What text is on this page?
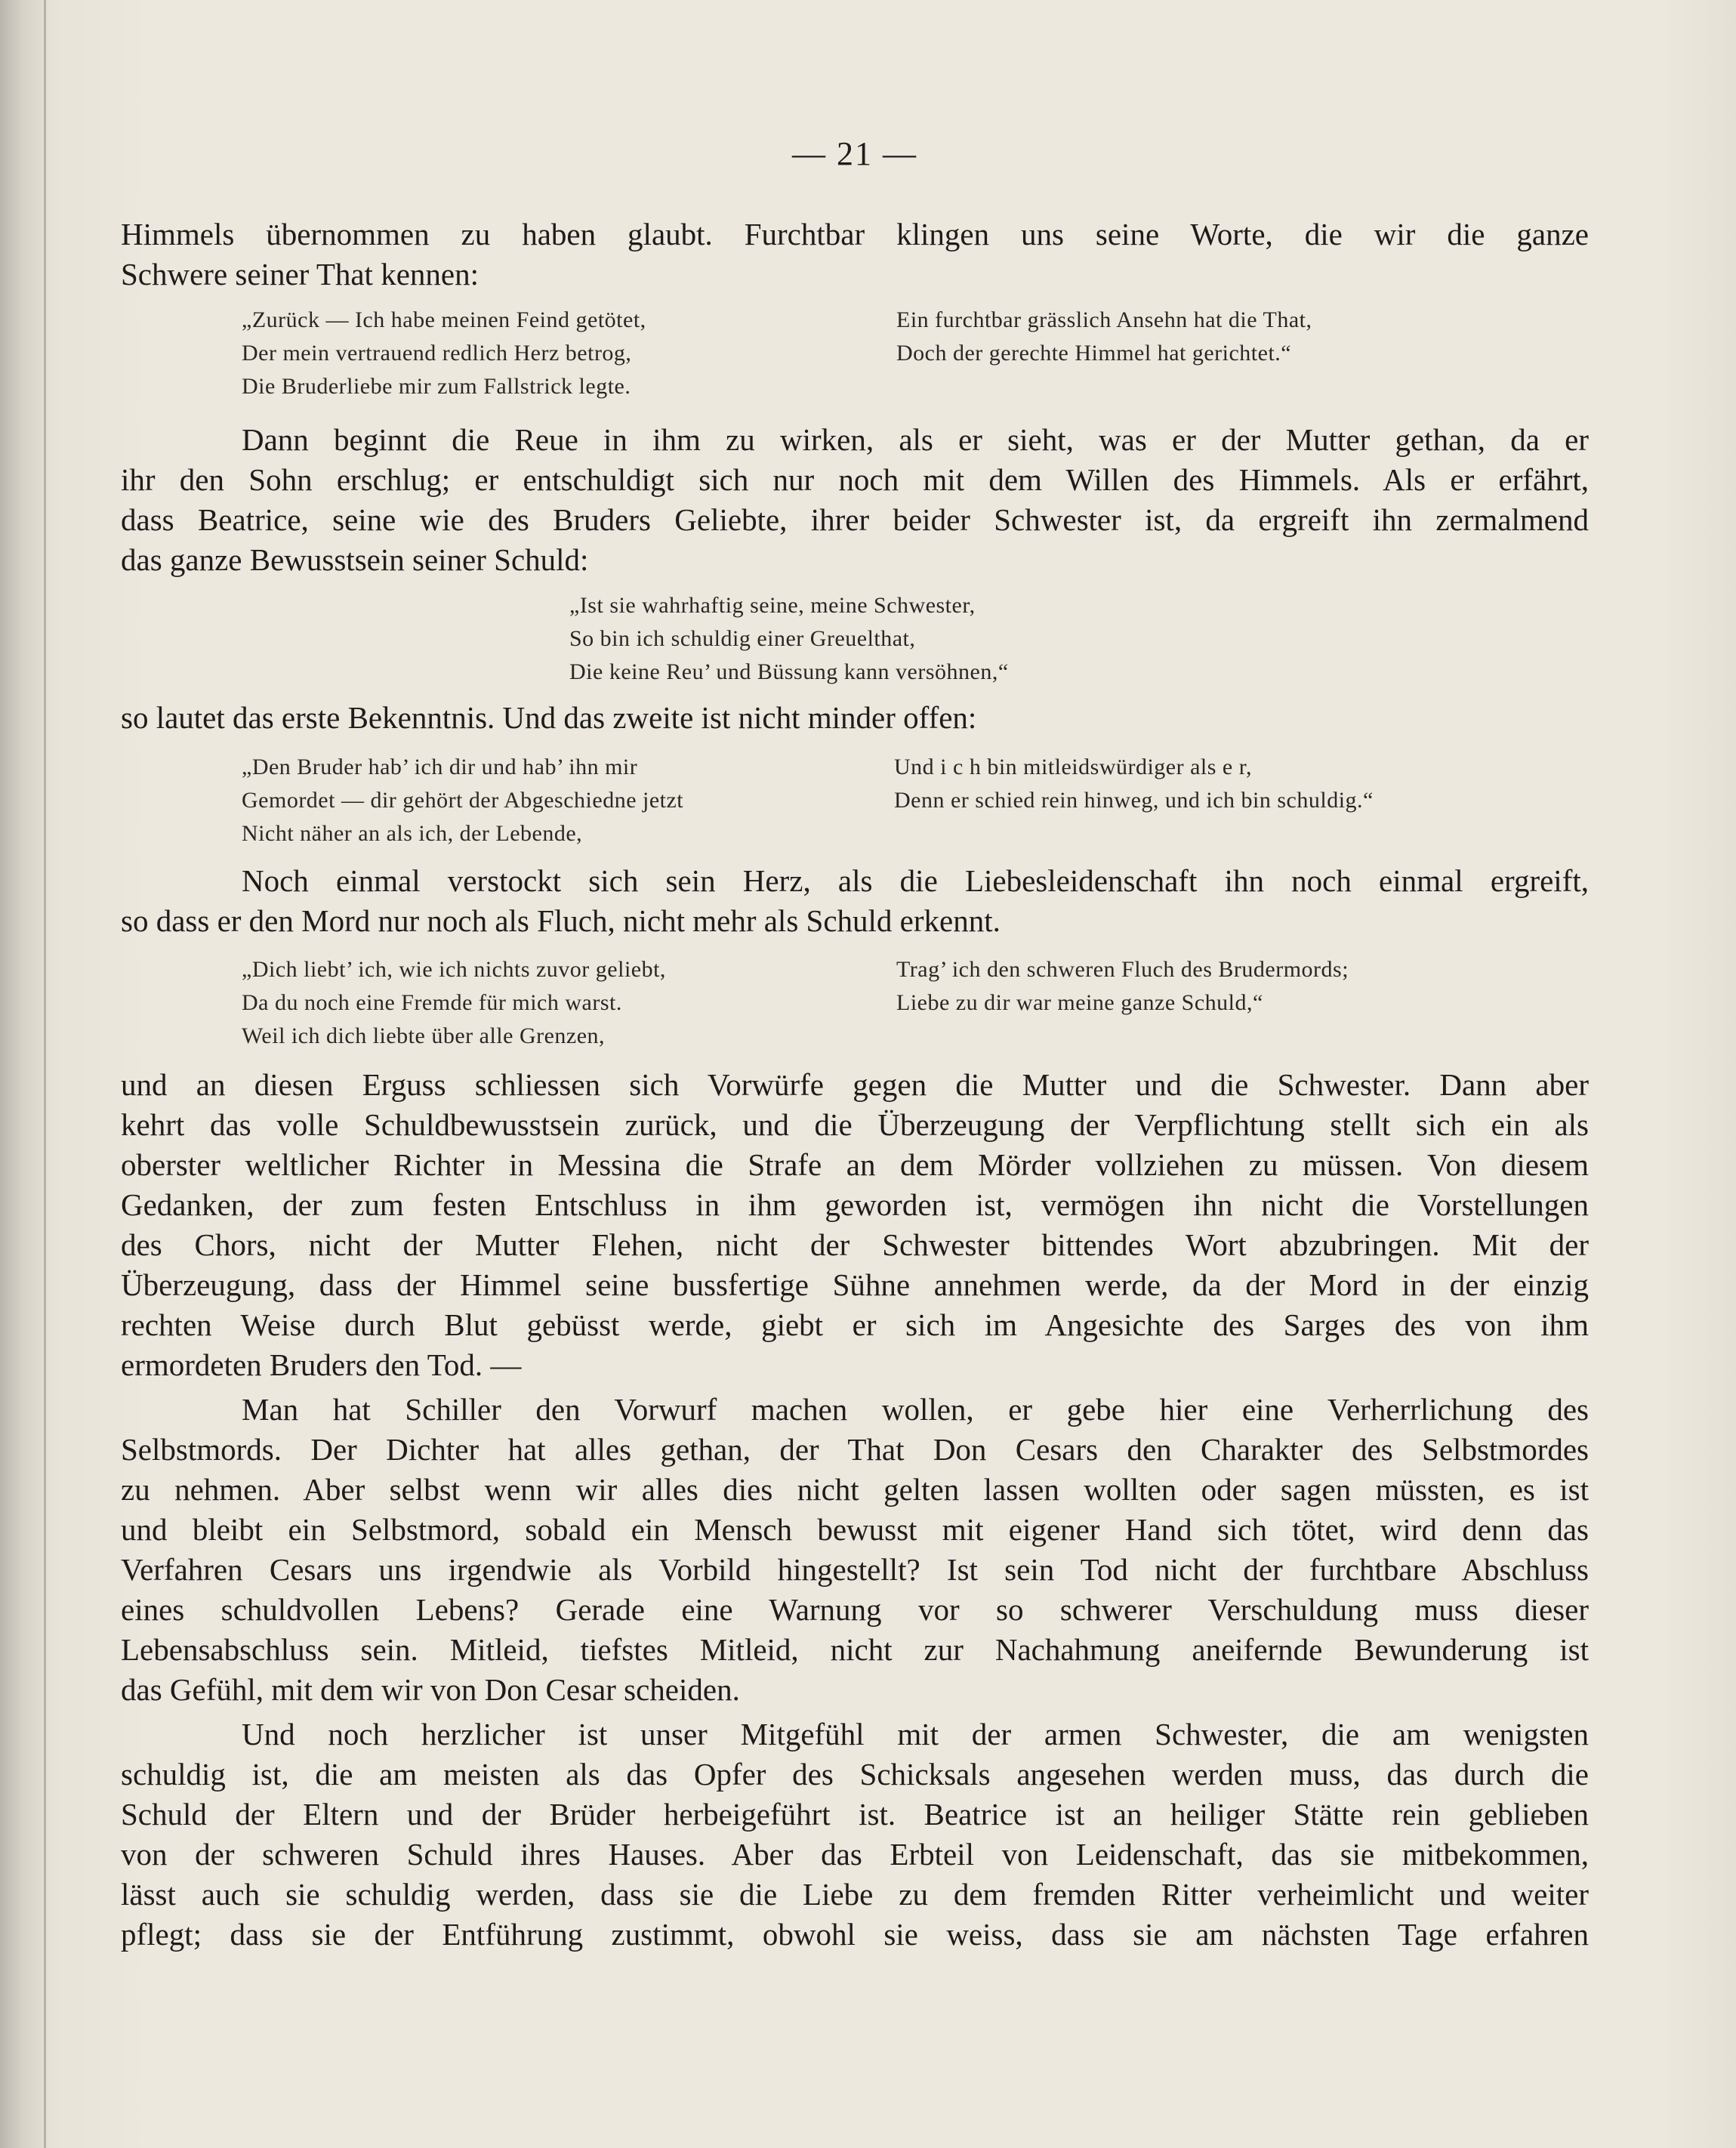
— 21 —
Himmels übernommen zu haben glaubt. Furchtbar klingen uns seine Worte, die wir die ganze
Schwere seiner That kennen:
„Zurück — Ich habe meinen Feind getötet,
Der mein vertrauend redlich Herz betrog,
Die Bruderliebe mir zum Fallstrick legte.
Ein furchtbar grässlich Ansehn hat die That,
Doch der gerechte Himmel hat gerichtet.“
Dann beginnt die Reue in ihm zu wirken, als er sieht, was er der Mutter gethan, da er
ihr den Sohn erschlug; er entschuldigt sich nur noch mit dem Willen des Himmels. Als er erfährt,
dass Beatrice, seine wie des Bruders Geliebte, ihrer beider Schwester ist, da ergreift ihn zermalmend
das ganze Bewusstsein seiner Schuld:
„Ist sie wahrhaftig seine, meine Schwester,
So bin ich schuldig einer Greuelthat,
Die keine Reu’ und Büssung kann versöhnen,“
so lautet das erste Bekenntnis. Und das zweite ist nicht minder offen:
„Den Bruder hab’ ich dir und hab’ ihn mir
Gemordet — dir gehört der Abgeschiedne jetzt
Nicht näher an als ich, der Lebende,
Und i c h bin mitleidswürdiger als e r,
Denn er schied rein hinweg, und ich bin schuldig.“
Noch einmal verstockt sich sein Herz, als die Liebesleidenschaft ihn noch einmal ergreift,
so dass er den Mord nur noch als Fluch, nicht mehr als Schuld erkennt.
„Dich liebt’ ich, wie ich nichts zuvor geliebt,
Da du noch eine Fremde für mich warst.
Weil ich dich liebte über alle Grenzen,
Trag’ ich den schweren Fluch des Brudermords;
Liebe zu dir war meine ganze Schuld,“
und an diesen Erguss schliessen sich Vorwürfe gegen die Mutter und die Schwester. Dann aber
kehrt das volle Schuldbewusstsein zurück, und die Überzeugung der Verpflichtung stellt sich ein als
oberster weltlicher Richter in Messina die Strafe an dem Mörder vollziehen zu müssen. Von diesem
Gedanken, der zum festen Entschluss in ihm geworden ist, vermögen ihn nicht die Vorstellungen
des Chors, nicht der Mutter Flehen, nicht der Schwester bittendes Wort abzubringen. Mit der
Überzeugung, dass der Himmel seine bussfertige Sühne annehmen werde, da der Mord in der einzig
rechten Weise durch Blut gebüsst werde, giebt er sich im Angesichte des Sarges des von ihm
ermordeten Bruders den Tod. —
Man hat Schiller den Vorwurf machen wollen, er gebe hier eine Verherrlichung des
Selbstmords. Der Dichter hat alles gethan, der That Don Cesars den Charakter des Selbstmordes
zu nehmen. Aber selbst wenn wir alles dies nicht gelten lassen wollten oder sagen müssten, es ist
und bleibt ein Selbstmord, sobald ein Mensch bewusst mit eigener Hand sich tötet, wird denn das
Verfahren Cesars uns irgendwie als Vorbild hingestellt? Ist sein Tod nicht der furchtbare Abschluss
eines schuldvollen Lebens? Gerade eine Warnung vor so schwerer Verschuldung muss dieser
Lebensabschluss sein. Mitleid, tiefstes Mitleid, nicht zur Nachahmung aneifernde Bewunderung ist
das Gefühl, mit dem wir von Don Cesar scheiden.
Und noch herzlicher ist unser Mitgefühl mit der armen Schwester, die am wenigsten
schuldig ist, die am meisten als das Opfer des Schicksals angesehen werden muss, das durch die
Schuld der Eltern und der Brüder herbeigeführt ist. Beatrice ist an heiliger Stätte rein geblieben
von der schweren Schuld ihres Hauses. Aber das Erbteil von Leidenschaft, das sie mitbekommen,
lässt auch sie schuldig werden, dass sie die Liebe zu dem fremden Ritter verheimlicht und weiter
pflegt; dass sie der Entführung zustimmt, obwohl sie weiss, dass sie am nächsten Tage erfahren
